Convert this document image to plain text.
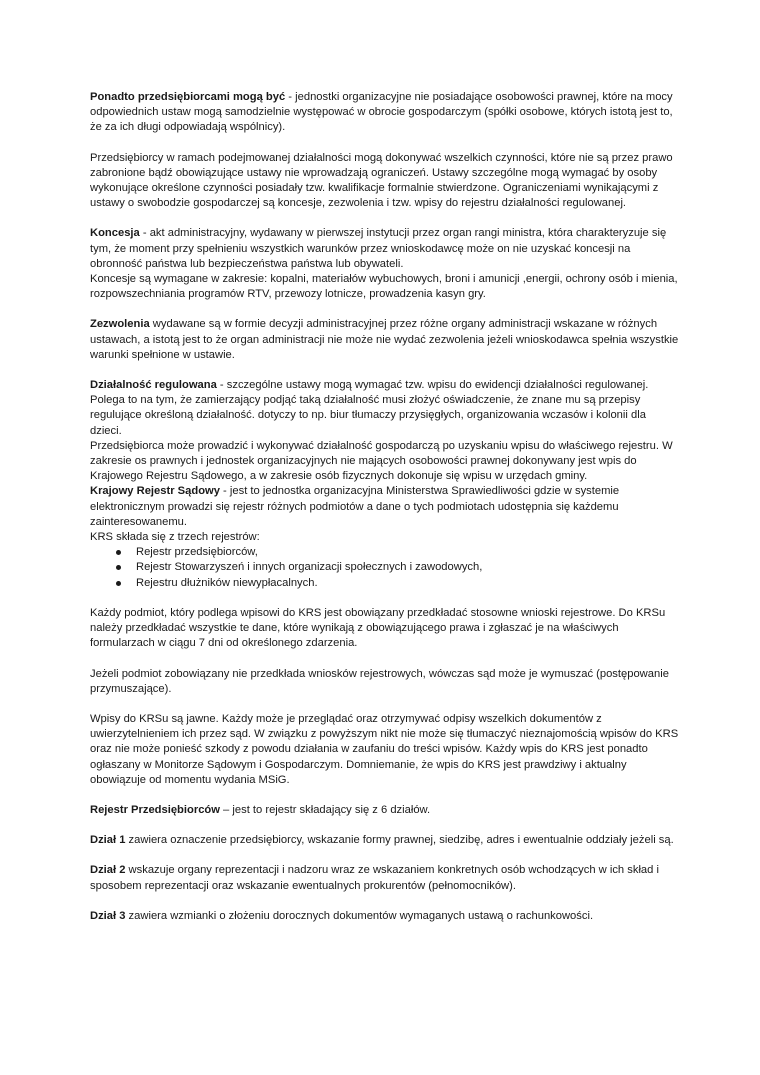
Ponadto przedsiębiorcami mogą być - jednostki organizacyjne nie posiadające osobowości prawnej, które na mocy odpowiednich ustaw mogą samodzielnie występować w obrocie gospodarczym (spółki osobowe, których istotą jest to, że za ich długi odpowiadają wspólnicy).

Przedsiębiorcy w ramach podejmowanej działalności mogą dokonywać wszelkich czynności, które nie są przez prawo zabronione bądź obowiązujące ustawy nie wprowadzają ograniczeń. Ustawy szczególne mogą wymagać by osoby wykonujące określone czynności posiadały tzw. kwalifikacje formalnie stwierdzone. Ograniczeniami wynikającymi z ustawy o swobodzie gospodarczej są koncesje, zezwolenia i tzw. wpisy do rejestru działalności regulowanej.

Koncesja - akt administracyjny, wydawany w pierwszej instytucji przez organ rangi ministra, która charakteryzuje się tym, że moment przy spełnieniu wszystkich warunków przez wnioskodawcę może on nie uzyskać koncesji na obronność państwa lub bezpieczeństwa państwa lub obywateli.

Koncesje są wymagane w zakresie: kopalni, materiałów wybuchowych, broni i amunicji ,energii, ochrony osób i mienia, rozpowszechniania programów RTV, przewozy lotnicze, prowadzenia kasyn gry.

Zezwolenia wydawane są w formie decyzji administracyjnej przez różne organy administracji wskazane w różnych ustawach, a istotą jest to że organ administracji nie może nie wydać zezwolenia jeżeli wnioskodawca spełnia wszystkie warunki spełnione w ustawie.

Działalność regulowana - szczególne ustawy mogą wymagać tzw. wpisu do ewidencji działalności regulowanej. Polega to na tym, że zamierzający podjąć taką działalność musi złożyć oświadczenie, że znane mu są przepisy regulujące określoną działalność. dotyczy to np. biur tłumaczy przysięgłych, organizowania wczasów i kolonii dla dzieci.

Przedsiębiorca może prowadzić i wykonywać działalność gospodarczą po uzyskaniu wpisu do właściwego rejestru. W zakresie os prawnych i jednostek organizacyjnych nie mających osobowości prawnej dokonywany jest wpis do Krajowego Rejestru Sądowego, a w zakresie osób fizycznych dokonuje się wpisu w urzędach gminy.

Krajowy Rejestr Sądowy - jest to jednostka organizacyjna Ministerstwa Sprawiedliwości gdzie w systemie elektronicznym prowadzi się rejestr różnych podmiotów a dane o tych podmiotach udostępnia się każdemu zainteresowanemu.

KRS składa się z trzech rejestrów:

Rejestr przedsiębiorców,
Rejestr Stowarzyszeń i innych organizacji społecznych i zawodowych,
Rejestru dłużników niewypłacalnych.

Każdy podmiot, który podlega wpisowi do KRS jest obowiązany przedkładać stosowne wnioski rejestrowe. Do KRSu należy przedkładać wszystkie te dane, które wynikają z obowiązującego prawa i zgłaszać je na właściwych formularzach w ciągu 7 dni od określonego zdarzenia.

Jeżeli podmiot zobowiązany nie przedkłada wniosków rejestrowych, wówczas sąd może je wymuszać (postępowanie przymuszające).

Wpisy do KRSu są jawne. Każdy może je przeglądać oraz otrzymywać odpisy wszelkich dokumentów z uwierzytelnieniem ich przez sąd. W związku z powyższym nikt nie może się tłumaczyć nieznajomością wpisów do KRS oraz nie może ponieść szkody z powodu działania w zaufaniu do treści wpisów. Każdy wpis do KRS jest ponadto ogłaszany w Monitorze Sądowym i Gospodarczym. Domniemanie, że wpis do KRS jest prawdziwy i aktualny obowiązuje od momentu wydania MSiG.

Rejestr Przedsiębiorców – jest to rejestr składający się z 6 działów.

Dział 1 zawiera oznaczenie przedsiębiorcy, wskazanie formy prawnej, siedzibę, adres i ewentualnie oddziały jeżeli są.

Dział 2 wskazuje organy reprezentacji i nadzoru wraz ze wskazaniem konkretnych osób wchodzących w ich skład i sposobem reprezentacji oraz wskazanie ewentualnych prokurentów (pełnomocników).

Dział 3 zawiera wzmianki o złożeniu dorocznych dokumentów wymaganych ustawą o rachunkowości.
